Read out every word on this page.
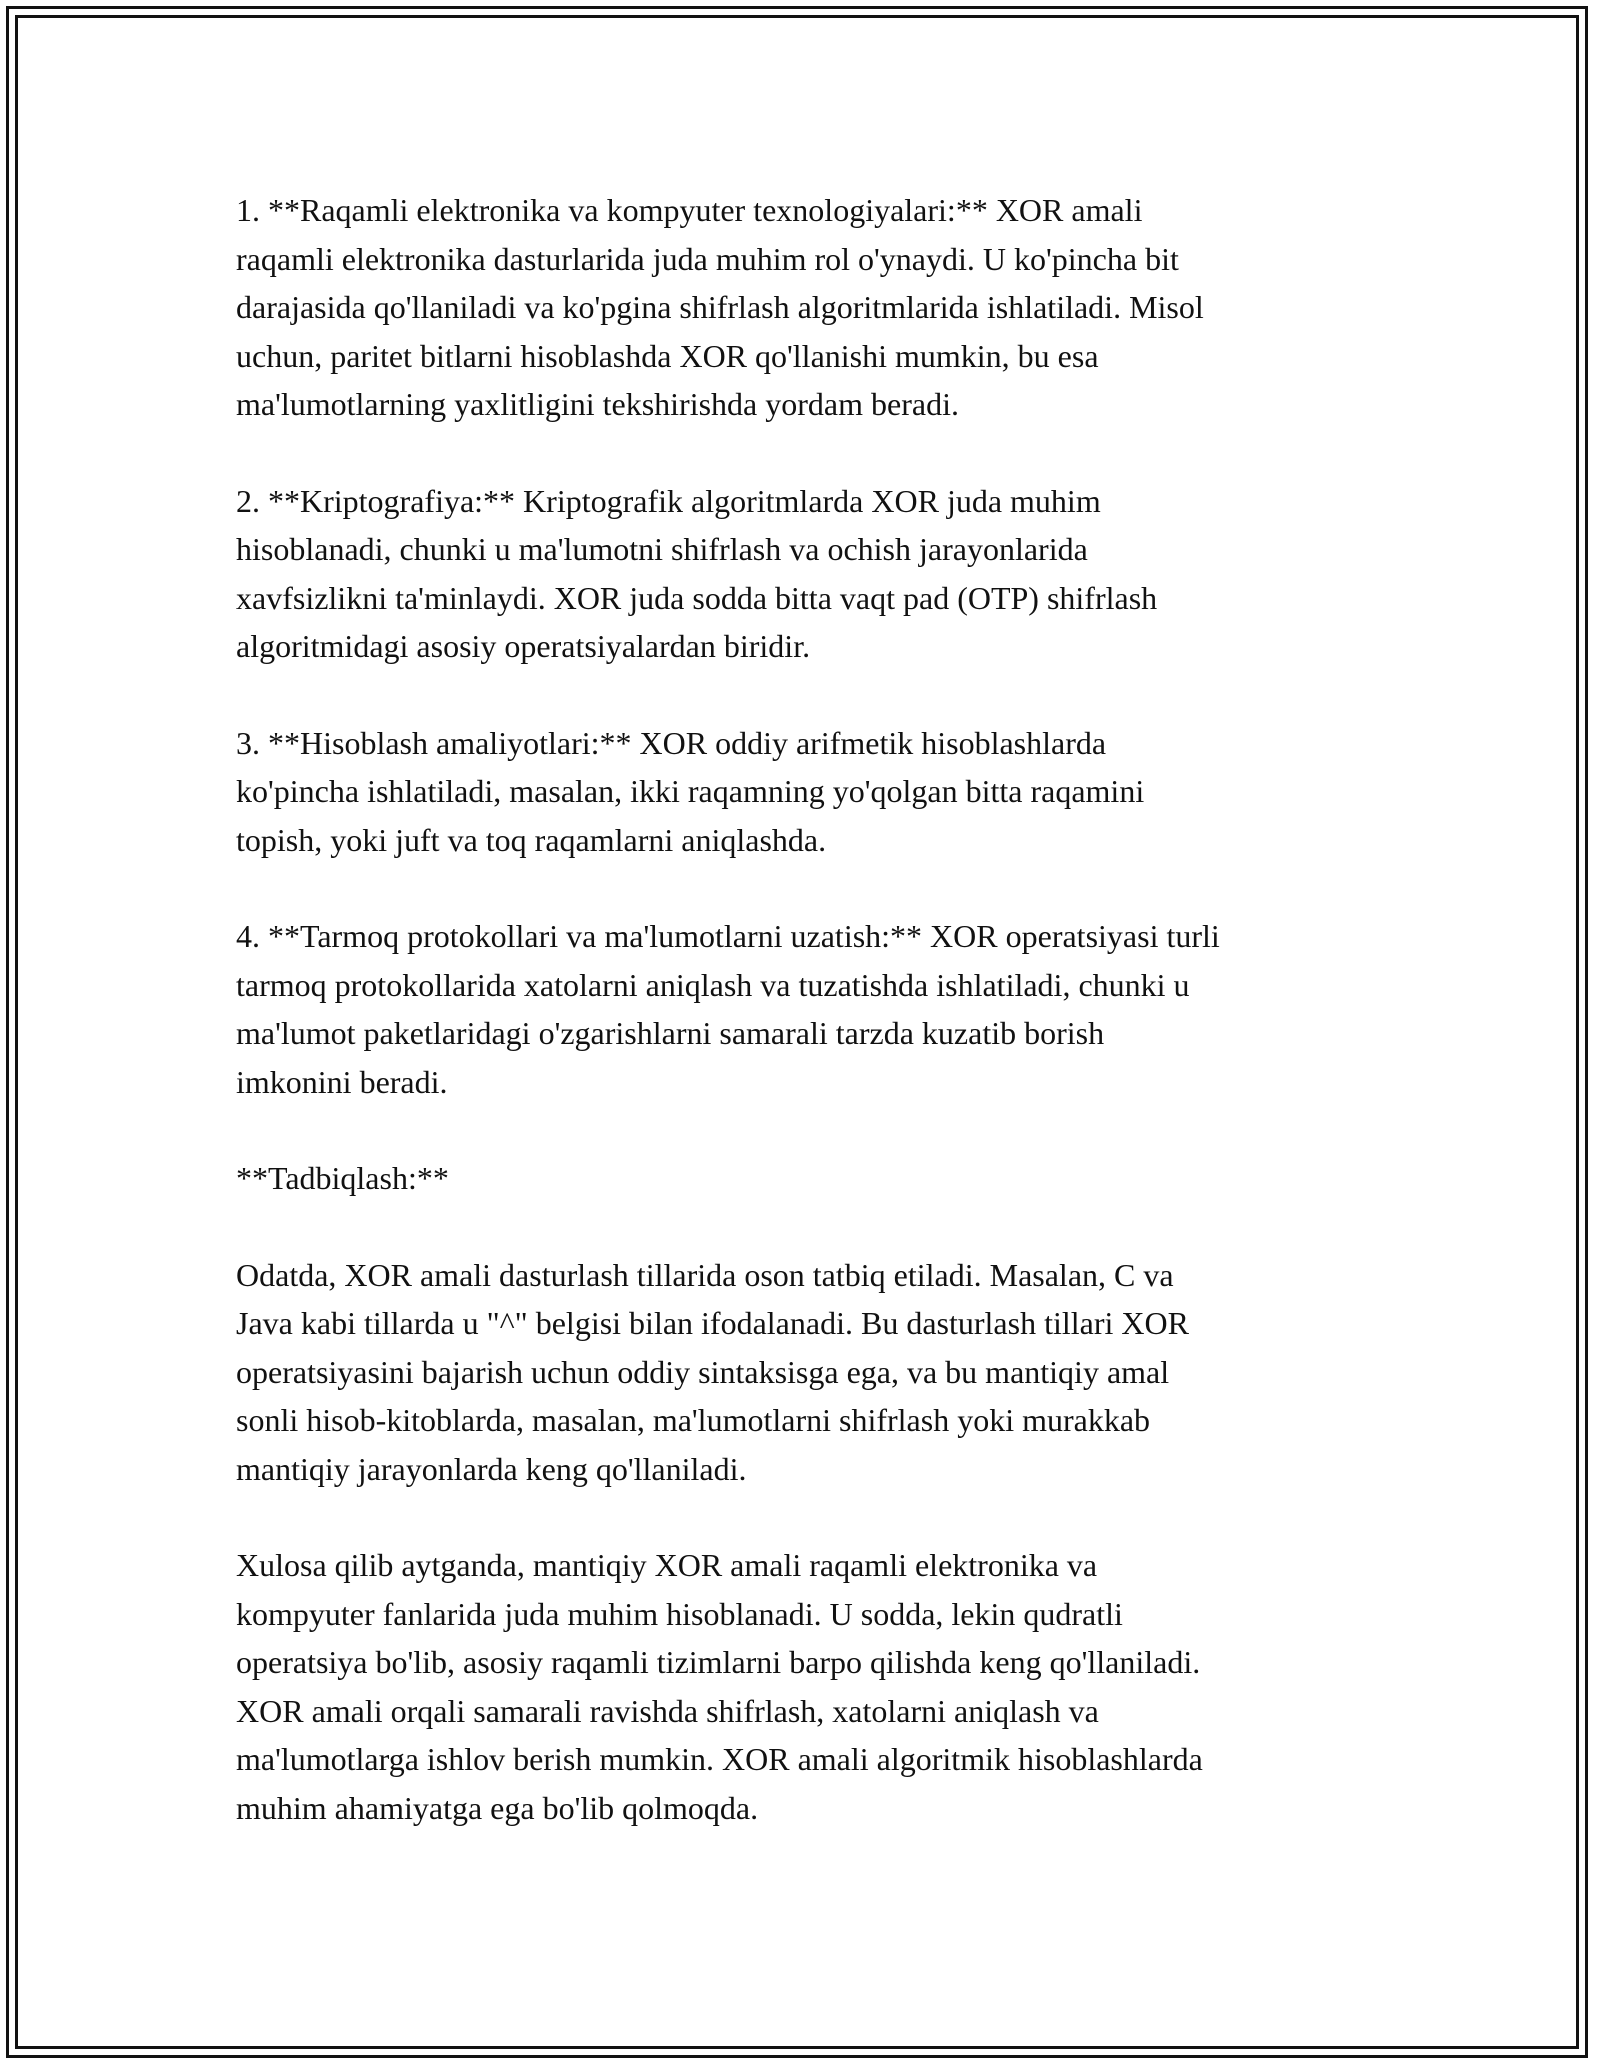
1. **Raqamli elektronika va kompyuter texnologiyalari:** XOR amali
raqamli elektronika dasturlarida juda muhim rol o'ynaydi. U ko'pincha bit
darajasida qo'llaniladi va ko'pgina shifrlash algoritmlarida ishlatiladi. Misol
uchun, paritet bitlarni hisoblashda XOR qo'llanishi mumkin, bu esa
ma'lumotlarning yaxlitligini tekshirishda yordam beradi.

2. **Kriptografiya:** Kriptografik algoritmlarda XOR juda muhim
hisoblanadi, chunki u ma'lumotni shifrlash va ochish jarayonlarida
xavfsizlikni ta'minlaydi. XOR juda sodda bitta vaqt pad (OTP) shifrlash
algoritmidagi asosiy operatsiyalardan biridir.

3. **Hisoblash amaliyotlari:** XOR oddiy arifmetik hisoblashlarda
ko'pincha ishlatiladi, masalan, ikki raqamning yo'qolgan bitta raqamini
topish, yoki juft va toq raqamlarni aniqlashda.

4. **Tarmoq protokollari va ma'lumotlarni uzatish:** XOR operatsiyasi turli
tarmoq protokollarida xatolarni aniqlash va tuzatishda ishlatiladi, chunki u
ma'lumot paketlaridagi o'zgarishlarni samarali tarzda kuzatib borish
imkonini beradi.

**Tadbiqlash:**

Odatda, XOR amali dasturlash tillarida oson tatbiq etiladi. Masalan, C va
Java kabi tillarda u "^" belgisi bilan ifodalanadi. Bu dasturlash tillari XOR
operatsiyasini bajarish uchun oddiy sintaksisga ega, va bu mantiqiy amal
sonli hisob-kitoblarda, masalan, ma'lumotlarni shifrlash yoki murakkab
mantiqiy jarayonlarda keng qo'llaniladi.

Xulosa qilib aytganda, mantiqiy XOR amali raqamli elektronika va
kompyuter fanlarida juda muhim hisoblanadi. U sodda, lekin qudratli
operatsiya bo'lib, asosiy raqamli tizimlarni barpo qilishda keng qo'llaniladi.
XOR amali orqali samarali ravishda shifrlash, xatolarni aniqlash va
ma'lumotlarga ishlov berish mumkin. XOR amali algoritmik hisoblashlarda
muhim ahamiyatga ega bo'lib qolmoqda.
